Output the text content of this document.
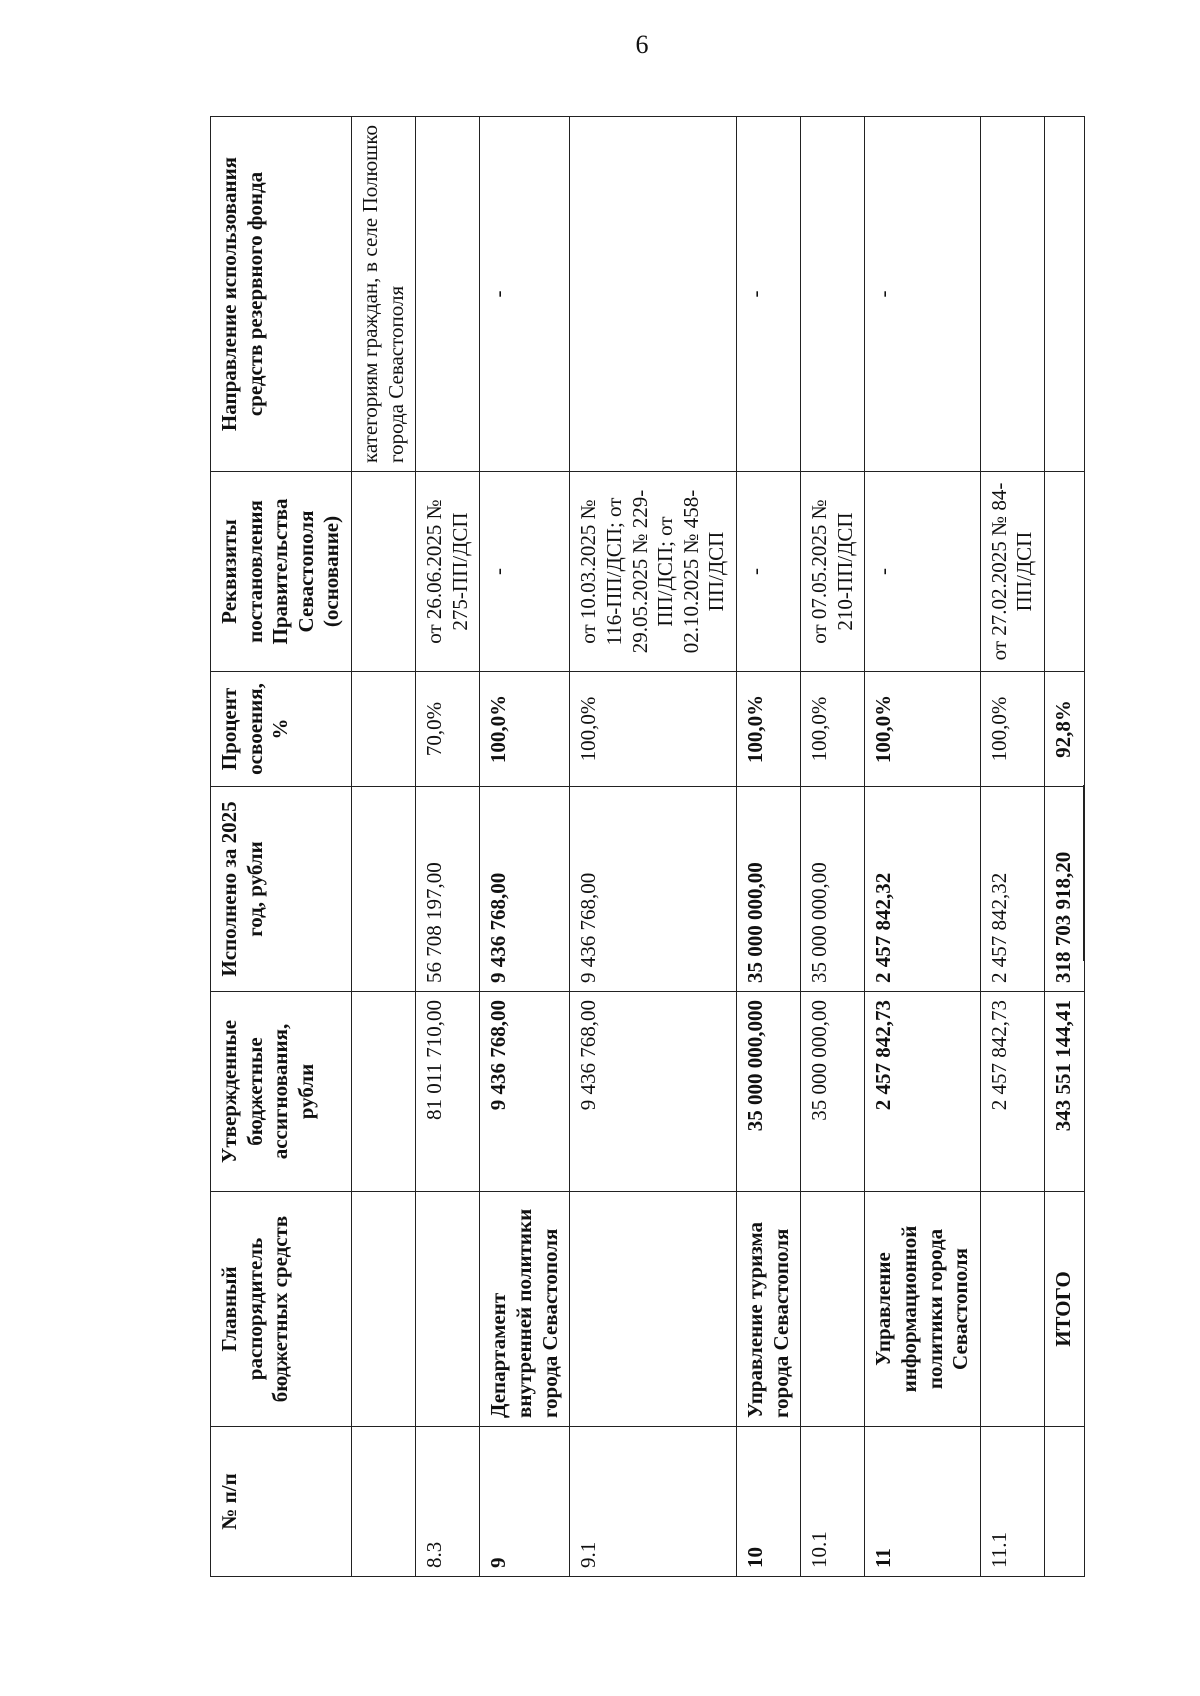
6
№ п/п	Главный распорядитель бюджетных средств	Утвержденные бюджетные ассигнования, рубли	Исполнено за 2025 год, рубли	Процент освоения, %	Реквизиты постановления Правительства Севастополя (основание)	Направление использования средств резервного фонда
						категориям граждан, в селе Полюшко города Севастополя
8.3		81 011 710,00	56 708 197,00	70,0%	от 26.06.2025 № 275-ПП/ДСП	
9	Департамент внутренней политики города Севастополя	9 436 768,00	9 436 768,00	100,0%	-	-
9.1		9 436 768,00	9 436 768,00	100,0%	от 10.03.2025 № 116-ПП/ДСП; от 29.05.2025 № 229-ПП/ДСП; от 02.10.2025 № 458-ПП/ДСП	
10	Управление туризма города Севастополя	35 000 000,000	35 000 000,00	100,0%	-	-
10.1		35 000 000,00	35 000 000,00	100,0%	от 07.05.2025 № 210-ПП/ДСП	
11	Управление информационной политики города Севастополя	2 457 842,73	2 457 842,32	100,0%	-	-
11.1		2 457 842,73	2 457 842,32	100,0%	от 27.02.2025 № 84-ПП/ДСП	
	ИТОГО	343 551 144,41	318 703 918,20	92,8%		
